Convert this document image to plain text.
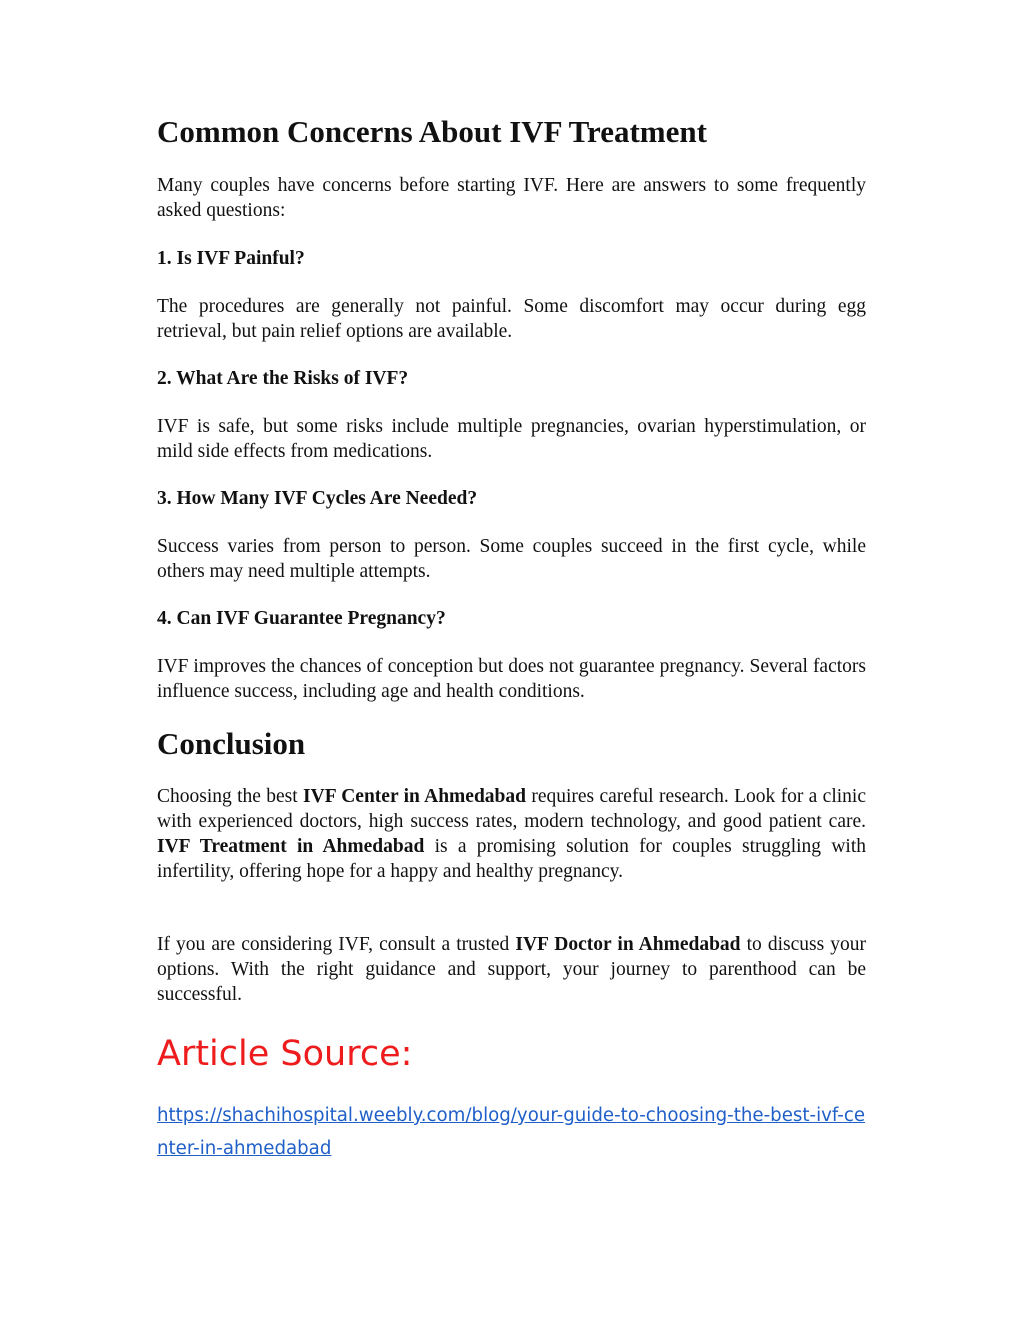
Common Concerns About IVF Treatment

Many couples have concerns before starting IVF. Here are answers to some frequently asked questions:

1. Is IVF Painful?

The procedures are generally not painful. Some discomfort may occur during egg retrieval, but pain relief options are available.

2. What Are the Risks of IVF?

IVF is safe, but some risks include multiple pregnancies, ovarian hyperstimulation, or mild side effects from medications.

3. How Many IVF Cycles Are Needed?

Success varies from person to person. Some couples succeed in the first cycle, while others may need multiple attempts.

4. Can IVF Guarantee Pregnancy?

IVF improves the chances of conception but does not guarantee pregnancy. Several factors influence success, including age and health conditions.

Conclusion

Choosing the best IVF Center in Ahmedabad requires careful research. Look for a clinic with experienced doctors, high success rates, modern technology, and good patient care. IVF Treatment in Ahmedabad is a promising solution for couples struggling with infertility, offering hope for a happy and healthy pregnancy.

If you are considering IVF, consult a trusted IVF Doctor in Ahmedabad to discuss your options. With the right guidance and support, your journey to parenthood can be successful.

Article Source:
https://shachihospital.weebly.com/blog/your-guide-to-choosing-the-best-ivf-center-in-ahmedabad
